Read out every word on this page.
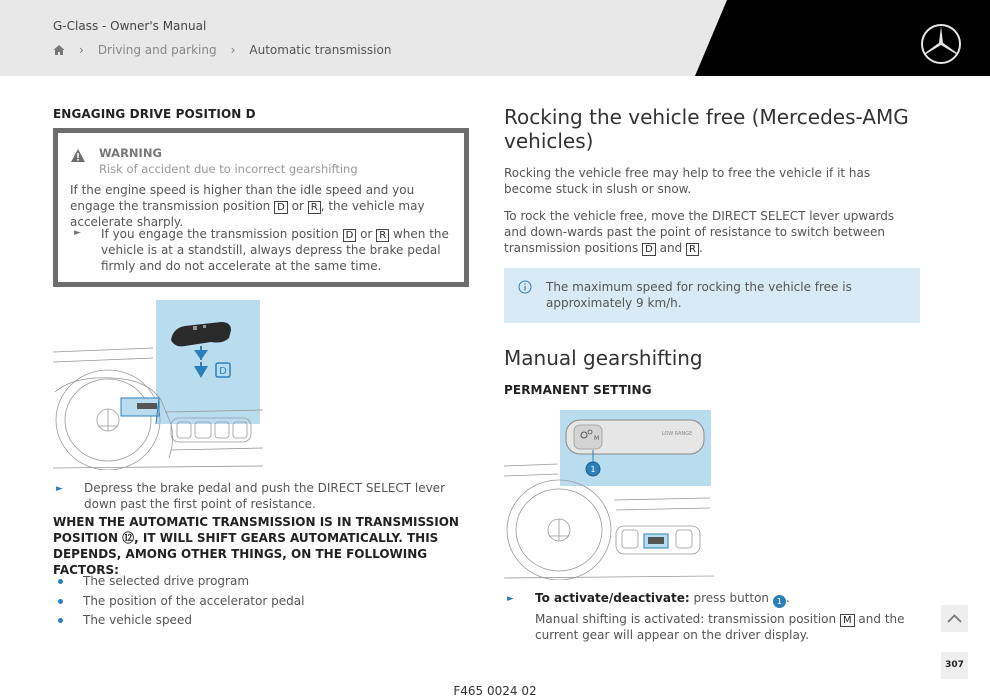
G-Class - Owner's Manual
› Driving and parking › Automatic transmission
ENGAGING DRIVE POSITION D
WARNING
Risk of accident due to incorrect gearshifting
If the engine speed is higher than the idle speed and you engage the transmission position D or R , the vehicle may accelerate sharply.
► If you engage the transmission position D or R when the vehicle is at a standstill, always depress the brake pedal firmly and do not accelerate at the same time.
D
► Depress the brake pedal and push the DIRECT SELECT lever down past the first point of resistance.
WHEN THE AUTOMATIC TRANSMISSION IS IN TRANSMISSION POSITION ⑫, IT WILL SHIFT GEARS AUTOMATICALLY. THIS DEPENDS, AMONG OTHER THINGS, ON THE FOLLOWING FACTORS:
The selected drive program
The position of the accelerator pedal
The vehicle speed
Rocking the vehicle free (Mercedes-AMG vehicles)
Rocking the vehicle free may help to free the vehicle if it has become stuck in slush or snow.
To rock the vehicle free, move the DIRECT SELECT lever upwards and down-wards past the point of resistance to switch between transmission positions D and R .
The maximum speed for rocking the vehicle free is approximately 9 km/h.
Manual gearshifting
PERMANENT SETTING
M
LOW RANGE
1
► To activate/deactivate: press button 1 .
Manual shifting is activated: transmission position M and the current gear will appear on the driver display.
307
F465 0024 02
